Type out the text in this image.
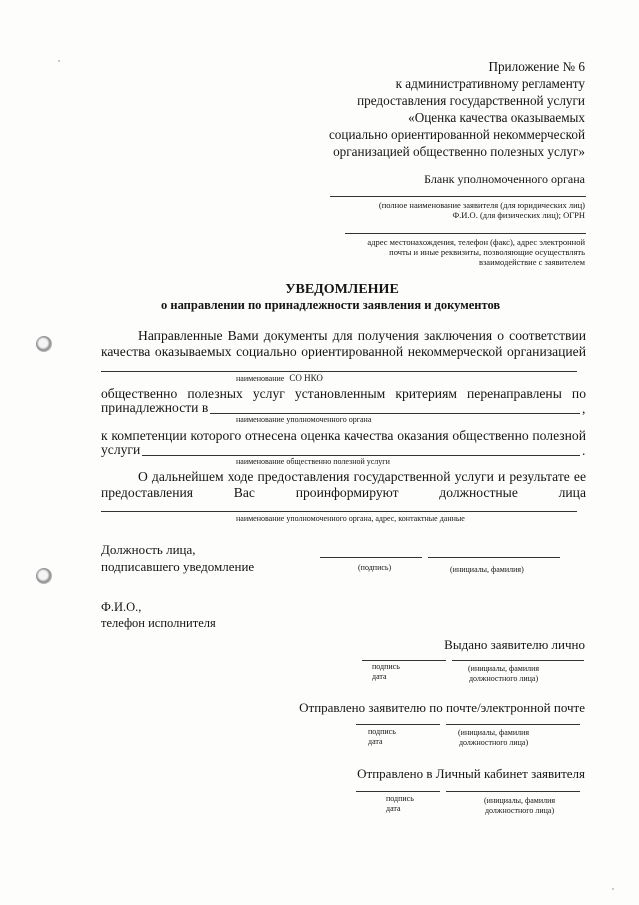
Приложение № 6
к административному регламенту
предоставления государственной услуги
«Оценка качества оказываемых
социально ориентированной некоммерческой
организацией общественно полезных услуг»
Бланк уполномоченного органа
(полное наименование заявителя (для юридических лиц)
Ф.И.О. (для физических лиц); ОГРН
адрес местонахождения, телефон (факс), адрес электронной
почты и иные реквизиты, позволяющие осуществлять
взаимодействие с заявителем
УВЕДОМЛЕНИЕ
о направлении по принадлежности заявления и документов
Направленные Вами документы для получения заключения о соответствии
качества оказываемых социально ориентированной некоммерческой организацией
наименование СО НКО
общественно полезных услуг установленным критериям перенаправлены по
принадлежности в	,
наименование уполномоченного органа
к компетенции которого отнесена оценка качества оказания общественно полезной
услуги	.
наименование общественно полезной услуги
О дальнейшем ходе предоставления государственной услуги и результате ее
предоставления      Вас      проинформируют      должностные      лица
наименование уполномоченного органа, адрес, контактные данные
Должность лица,
подписавшего уведомление	(подпись)	(инициалы, фамилия)
Ф.И.О.,
телефон исполнителя
Выдано заявителю лично
подпись
дата
(инициалы, фамилия
должностного лица)
Отправлено заявителю по почте/электронной почте
подпись
дата
(инициалы, фамилия
должностного лица)
Отправлено в Личный кабинет заявителя
подпись
дата
(инициалы, фамилия
должностного лица)
